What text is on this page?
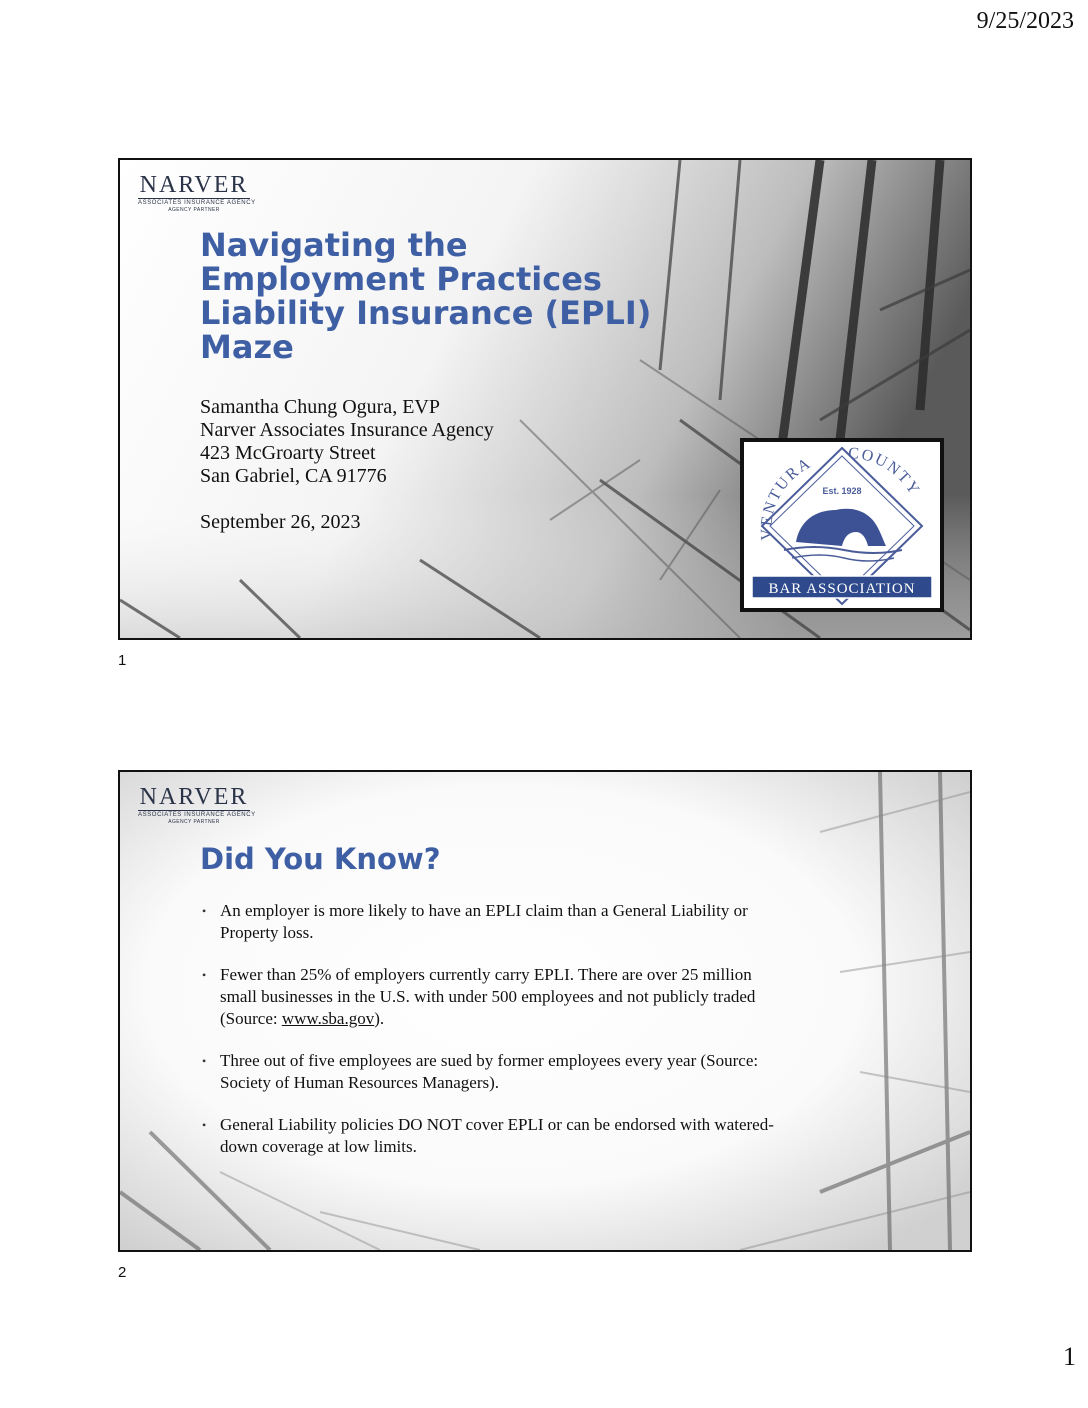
9/25/2023
NARVER
ASSOCIATES INSURANCE AGENCY
AGENCY PARTNER
Navigating the
Employment Practices
Liability Insurance (EPLI)
Maze
Samantha Chung Ogura, EVP
Narver Associates Insurance Agency
423 McGroarty Street
San Gabriel, CA 91776
September 26, 2023
VENTURA
COUNTY
Est. 1928
BAR ASSOCIATION
1
NARVER
ASSOCIATES INSURANCE AGENCY
AGENCY PARTNER
Did You Know?
• An employer is more likely to have an EPLI claim than a General Liability or Property loss.
• Fewer than 25% of employers currently carry EPLI. There are over 25 million small businesses in the U.S. with under 500 employees and not publicly traded (Source: www.sba.gov).
• Three out of five employees are sued by former employees every year (Source: Society of Human Resources Managers).
• General Liability policies DO NOT cover EPLI or can be endorsed with watered-down coverage at low limits.
2
1
